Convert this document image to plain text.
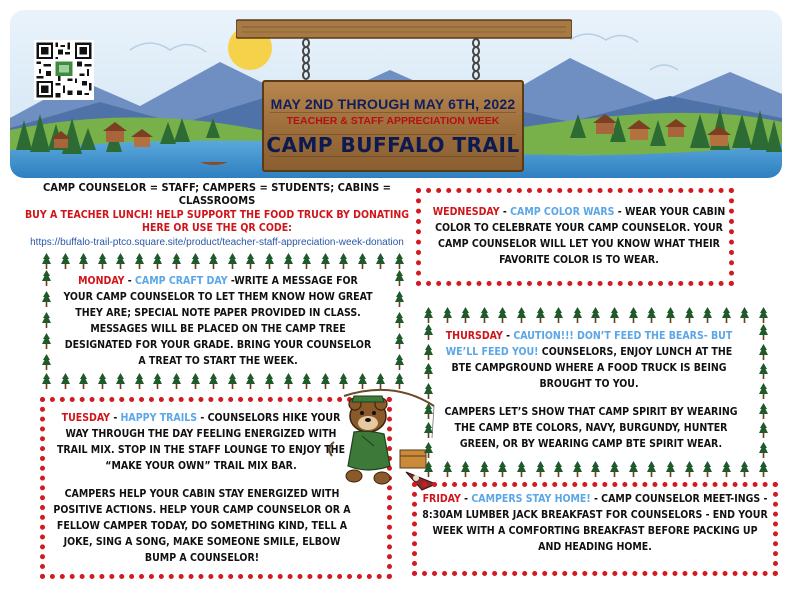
MAY 2ND THROUGH MAY 6TH, 2022
TEACHER & STAFF APPRECIATION WEEK
CAMP BUFFALO TRAIL
CAMP COUNSELOR = STAFF; CAMPERS = STUDENTS; CABINS = CLASSROOMS
BUY A TEACHER LUNCH! HELP SUPPORT THE FOOD TRUCK BY DONATING HERE OR USE THE QR CODE:
https://buffalo-trail-ptco.square.site/product/teacher-staff-appreciation-week-donation
MONDAY - CAMP CRAFT DAY -WRITE A MESSAGE FOR YOUR CAMP COUNSELOR TO LET THEM KNOW HOW GREAT THEY ARE; SPECIAL NOTE PAPER PROVIDED IN CLASS. MESSAGES WILL BE PLACED ON THE CAMP TREE DESIGNATED FOR YOUR GRADE. BRING YOUR COUNSELOR A TREAT TO START THE WEEK.
TUESDAY - HAPPY TRAILS - COUNSELORS HIKE YOUR WAY THROUGH THE DAY FEELING ENERGIZED WITH TRAIL MIX. STOP IN THE STAFF LOUNGE TO ENJOY THE “MAKE YOUR OWN” TRAIL MIX BAR.
CAMPERS HELP YOUR CABIN STAY ENERGIZED WITH POSITIVE ACTIONS. HELP YOUR CAMP COUNSELOR OR A FELLOW CAMPER TODAY, DO SOMETHING KIND, TELL A JOKE, SING A SONG, MAKE SOMEONE SMILE, ELBOW BUMP A COUNSELOR!
WEDNESDAY - CAMP COLOR WARS - WEAR YOUR CABIN COLOR TO CELEBRATE YOUR CAMP COUNSELOR. YOUR CAMP COUNSELOR WILL LET YOU KNOW WHAT THEIR FAVORITE COLOR IS TO WEAR.
THURSDAY - CAUTION!!! DON’T FEED THE BEARS- BUT WE’LL FEED YOU! COUNSELORS, ENJOY LUNCH AT THE BTE CAMPGROUND WHERE A FOOD TRUCK IS BEING BROUGHT TO YOU.
CAMPERS LET’S SHOW THAT CAMP SPIRIT BY WEARING THE CAMP BTE COLORS, NAVY, BURGUNDY, HUNTER GREEN, OR BY WEARING CAMP BTE SPIRIT WEAR.
FRIDAY - CAMPERS STAY HOME! - CAMP COUNSELOR MEET-INGS - 8:30AM LUMBER JACK BREAKFAST FOR COUNSELORS - END YOUR WEEK WITH A COMFORTING BREAKFAST BEFORE PACKING UP AND HEADING HOME.
